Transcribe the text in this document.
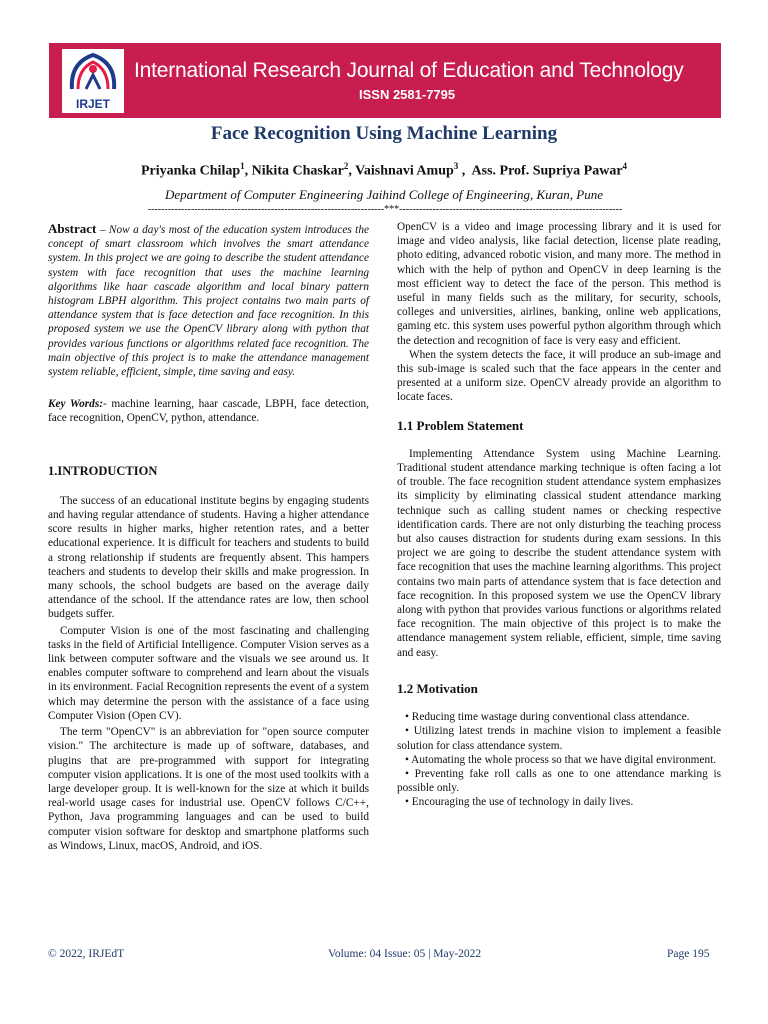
IRJET
International Research Journal of Education and Technology
ISSN 2581-7795
Face Recognition Using Machine Learning
Priyanka Chilap$^1$, Nikita Chaskar$^2$, Vaishnavi Amup$^3$ ,  Ass. Prof. Supriya Pawar$^4$
Department of Computer Engineering Jaihind College of Engineering, Kuran, Pune
-----------------------------------------------------------------------***-------------------------------------------------------------------

Abstract – Now a day's most of the education system introduces the concept of smart classroom which involves the smart attendance system. In this project we are going to describe the student attendance system with face recognition that uses the machine learning algorithms like haar cascade algorithm and local binary pattern histogram LBPH algorithm. This project contains two main parts of attendance system that is face detection and face recognition. In this proposed system we use the OpenCV library along with python that provides various functions or algorithms related face recognition. The main objective of this project is to make the attendance management system reliable, efficient, simple, time saving and easy.

Key Words:- machine learning, haar cascade, LBPH, face detection, face recognition, OpenCV, python, attendance.

1.INTRODUCTION

The success of an educational institute begins by engaging students and having regular attendance of students. Having a higher attendance score results in higher marks, higher retention rates, and a better educational experience. It is difficult for teachers and students to build a strong relationship if students are frequently absent. This hampers teachers and students to develop their skills and make progression. In many schools, the school budgets are based on the average daily attendance of the school. If the attendance rates are low, then school budgets suffer.

Computer Vision is one of the most fascinating and challenging tasks in the field of Artificial Intelligence. Computer Vision serves as a link between computer software and the visuals we see around us. It enables computer software to comprehend and learn about the visuals in its environment. Facial Recognition represents the event of a system which may determine the person with the assistance of a face using Computer Vision (Open CV).

The term "OpenCV" is an abbreviation for "open source computer vision." The architecture is made up of software, databases, and plugins that are pre-programmed with support for integrating computer vision applications. It is one of the most used toolkits with a large developer group. It is well-known for the size at which it builds real-world usage cases for industrial use. OpenCV follows C/C++, Python, Java programming languages and can be used to build computer vision software for desktop and smartphone platforms such as Windows, Linux, macOS, Android, and iOS.

OpenCV is a video and image processing library and it is used for image and video analysis, like facial detection, license plate reading, photo editing, advanced robotic vision, and many more. The method in which with the help of python and OpenCV in deep learning is the most efficient way to detect the face of the person. This method is useful in many fields such as the military, for security, schools, colleges and universities, airlines, banking, online web applications, gaming etc. this system uses powerful python algorithm through which the detection and recognition of face is very easy and efficient.

When the system detects the face, it will produce an sub-image and this sub-image is scaled such that the face appears in the center and presented at a uniform size. OpenCV already provide an algorithm to locate faces.

1.1 Problem Statement

Implementing Attendance System using Machine Learning. Traditional student attendance marking technique is often facing a lot of trouble. The face recognition student attendance system emphasizes its simplicity by eliminating classical student attendance marking technique such as calling student names or checking respective identification cards. There are not only disturbing the teaching process but also causes distraction for students during exam sessions. In this project we are going to describe the student attendance system with face recognition that uses the machine learning algorithms. This project contains two main parts of attendance system that is face detection and face recognition. In this proposed system we use the OpenCV library along with python that provides various functions or algorithms related face recognition. The main objective of this project is to make the attendance management system reliable, efficient, simple, time saving and easy.

1.2 Motivation

• Reducing time wastage during conventional class attendance.
• Utilizing latest trends in machine vision to implement a feasible solution for class attendance system.
• Automating the whole process so that we have digital environment.
• Preventing fake roll calls as one to one attendance marking is possible only.
• Encouraging the use of technology in daily lives.
© 2022, IRJEdT	Volume: 04 Issue: 05 | May-2022	Page 195
